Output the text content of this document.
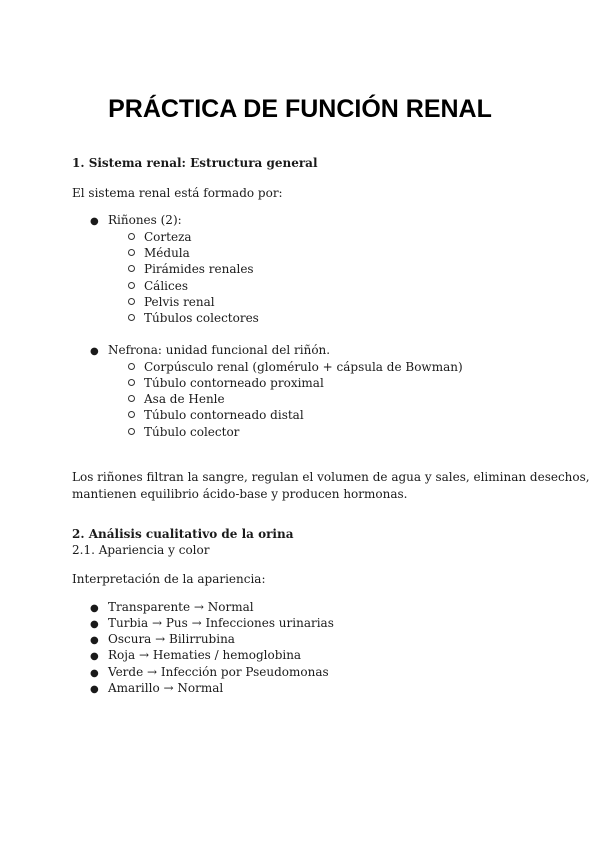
PRÁCTICA DE FUNCIÓN RENAL
1. Sistema renal: Estructura general
El sistema renal está formado por:
● Riñones (2):
Corteza
Médula
Pirámides renales
Cálices
Pelvis renal
Túbulos colectores
● Nefrona: unidad funcional del riñón.
Corpúsculo renal (glomérulo + cápsula de Bowman)
Túbulo contorneado proximal
Asa de Henle
Túbulo contorneado distal
Túbulo colector
Los riñones filtran la sangre, regulan el volumen de agua y sales, eliminan desechos,
mantienen equilibrio ácido-base y producen hormonas.
2. Análisis cualitativo de la orina
2.1. Apariencia y color
Interpretación de la apariencia:
● Transparente → Normal
● Turbia → Pus → Infecciones urinarias
● Oscura → Bilirrubina
● Roja → Hematies / hemoglobina
● Verde → Infección por Pseudomonas
● Amarillo → Normal
